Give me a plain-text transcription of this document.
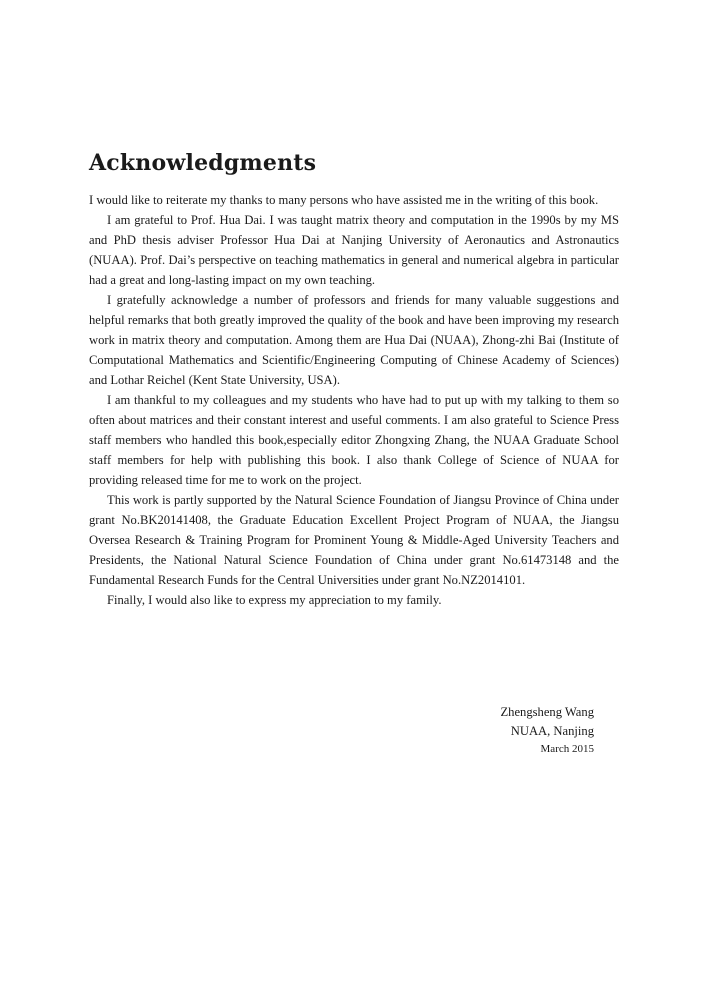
Acknowledgments

I would like to reiterate my thanks to many persons who have assisted me in the writing of this book.

I am grateful to Prof. Hua Dai. I was taught matrix theory and computation in the 1990s by my MS and PhD thesis adviser Professor Hua Dai at Nanjing University of Aeronautics and Astronautics (NUAA). Prof. Dai’s perspective on teaching mathematics in general and numerical algebra in particular had a great and long-lasting impact on my own teaching.

I gratefully acknowledge a number of professors and friends for many valuable suggestions and helpful remarks that both greatly improved the quality of the book and have been improving my research work in matrix theory and computation. Among them are Hua Dai (NUAA), Zhong-zhi Bai (Institute of Computational Mathematics and Scientific/Engineering Computing of Chinese Academy of Sciences) and Lothar Reichel (Kent State University, USA).

I am thankful to my colleagues and my students who have had to put up with my talking to them so often about matrices and their constant interest and useful comments. I am also grateful to Science Press staff members who handled this book,especially editor Zhongxing Zhang, the NUAA Graduate School staff members for help with publishing this book. I also thank College of Science of NUAA for providing released time for me to work on the project.

This work is partly supported by the Natural Science Foundation of Jiangsu Province of China under grant No.BK20141408, the Graduate Education Excellent Project Program of NUAA, the Jiangsu Oversea Research & Training Program for Prominent Young & Middle-Aged University Teachers and Presidents, the National Natural Science Foundation of China under grant No.61473148 and the Fundamental Research Funds for the Central Universities under grant No.NZ2014101.

Finally, I would also like to express my appreciation to my family.

Zhengsheng Wang
NUAA, Nanjing
March 2015
